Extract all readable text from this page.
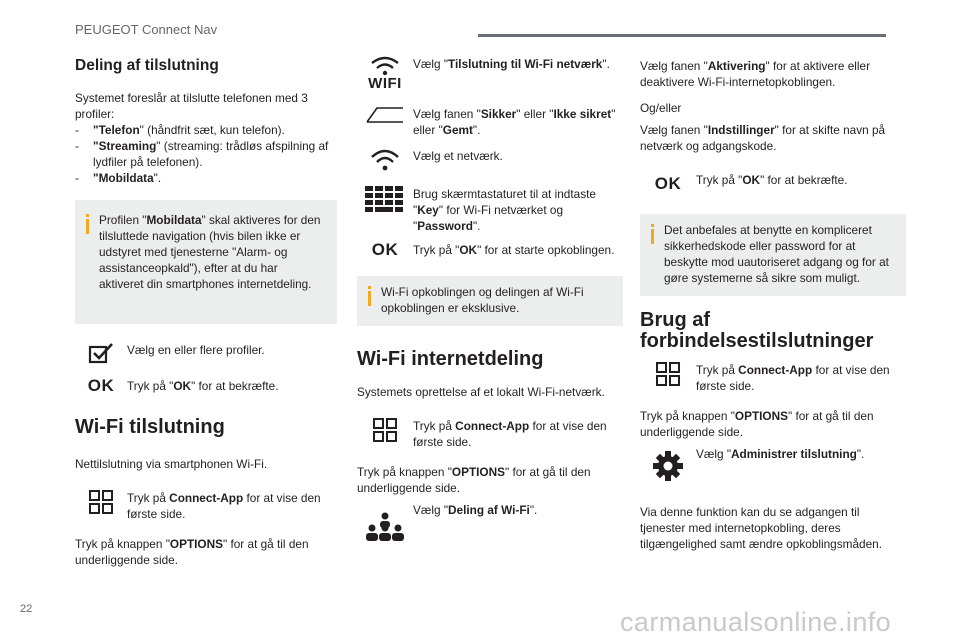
PEUGEOT Connect Nav
Deling af tilslutning

Systemet foreslår at tilslutte telefonen med 3 profiler:

- "Telefon" (håndfrit sæt, kun telefon).
- "Streaming" (streaming: trådløs afspilning af lydfiler på telefonen).
- "Mobildata".
Profilen "Mobildata" skal aktiveres for den tilsluttede navigation (hvis bilen ikke er udstyret med tjenesterne "Alarm- og assistanceopkald"), efter at du har aktiveret din smartphones internetdeling.

Vælg en eller flere profiler.

OK Tryk på "OK" for at bekræfte.

Wi-Fi tilslutning

Nettilslutning via smartphonen Wi-Fi.

Tryk på Connect-App for at vise den første side.

Tryk på knappen "OPTIONS" for at gå til den underliggende side.

WIFI

Vælg "Tilslutning til Wi-Fi netværk".

Vælg fanen "Sikker" eller "Ikke sikret" eller "Gemt".

Vælg et netværk.

Brug skærmtastaturet til at indtaste "Key" for Wi-Fi netværket og "Password".

OK Tryk på "OK" for at starte opkoblingen.

Wi-Fi opkoblingen og delingen af Wi-Fi opkoblingen er eksklusive.
Wi-Fi internetdeling

Systemets oprettelse af et lokalt Wi-Fi-netværk.

Tryk på Connect-App for at vise den første side.

Tryk på knappen "OPTIONS" for at gå til den underliggende side.

Vælg "Deling af Wi-Fi".

Vælg fanen "Aktivering" for at aktivere eller deaktivere Wi-Fi-internetopkoblingen.

Og/eller

Vælg fanen "Indstillinger" for at skifte navn på netværk og adgangskode.

OK Tryk på "OK" for at bekræfte.

Det anbefales at benytte en kompliceret sikkerhedskode eller password for at beskytte mod uautoriseret adgang og for at gøre systemerne så sikre som muligt.
Brug af forbindelsestilslutninger

Tryk på Connect-App for at vise den første side.

Tryk på knappen "OPTIONS" for at gå til den underliggende side.

Vælg "Administrer tilslutning".

Via denne funktion kan du se adgangen til tjenester med internetopkobling, deres tilgængelighed samt ændre opkoblingsmåden.

22	carmanualsonline.info
